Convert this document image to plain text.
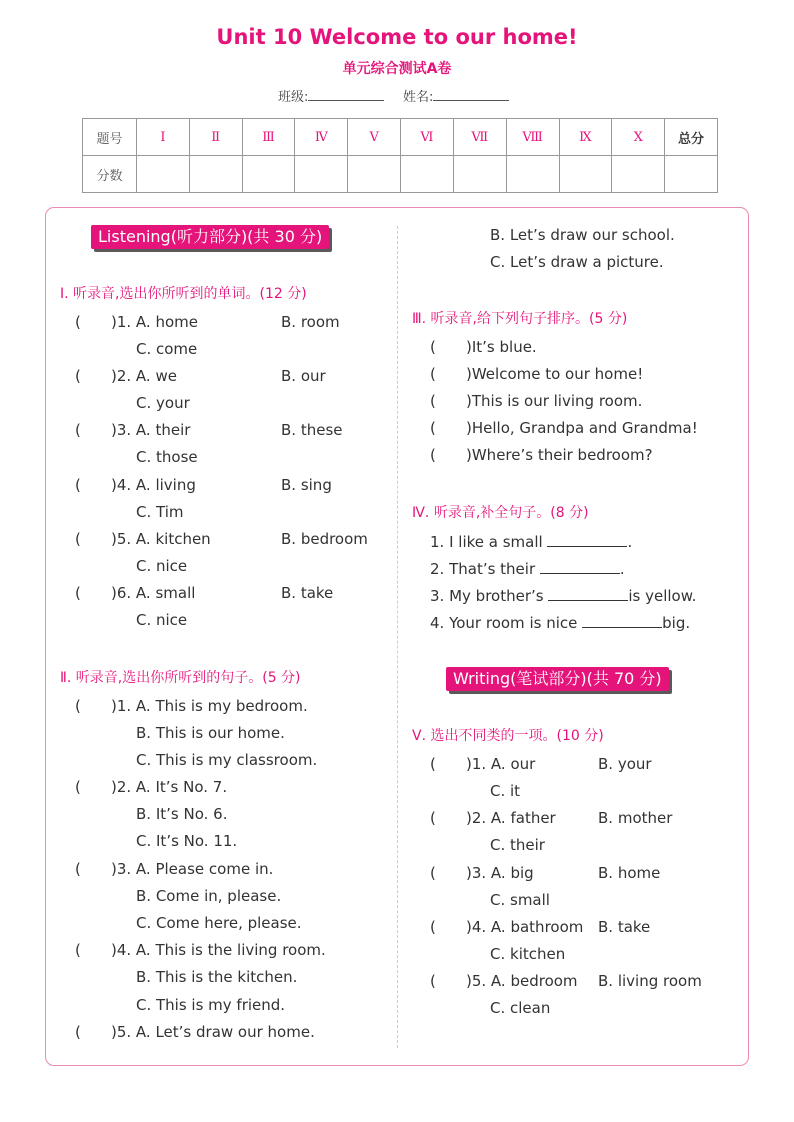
Unit 10 Welcome to our home!
单元综合测试A卷
班级:	姓名:
题号	Ⅰ	Ⅱ	Ⅲ	Ⅳ	Ⅴ	Ⅵ	Ⅶ	Ⅷ	Ⅸ	Ⅹ	总分
分数											
Listening(听力部分)(共 30 分)
Ⅰ. 听录音,选出你所听到的单词。(12 分)
( )1. A. home	B. room
C. come
( )2. A. we	B. our
C. your
( )3. A. their	B. these
C. those
( )4. A. living	B. sing
C. Tim
( )5. A. kitchen	B. bedroom
C. nice
( )6. A. small	B. take
C. nice
Ⅱ. 听录音,选出你所听到的句子。(5 分)
( )1. A. This is my bedroom.
B. This is our home.
C. This is my classroom.
( )2. A. It’s No. 7.
B. It’s No. 6.
C. It’s No. 11.
( )3. A. Please come in.
B. Come in, please.
C. Come here, please.
( )4. A. This is the living room.
B. This is the kitchen.
C. This is my friend.
( )5. A. Let’s draw our home.
B. Let’s draw our school.
C. Let’s draw a picture.
Ⅲ. 听录音,给下列句子排序。(5 分)
( )It’s blue.
( )Welcome to our home!
( )This is our living room.
( )Hello, Grandpa and Grandma!
( )Where’s their bedroom?
Ⅳ. 听录音,补全句子。(8 分)
1. I like a small	.
2. That’s their	.
3. My brother’s	is yellow.
4. Your room is nice	big.
Writing(笔试部分)(共 70 分)
Ⅴ. 选出不同类的一项。(10 分)
( )1. A. our	B. your
C. it
( )2. A. father	B. mother
C. their
( )3. A. big	B. home
C. small
( )4. A. bathroom B. take
C. kitchen
( )5. A. bedroom B. living room
C. clean
